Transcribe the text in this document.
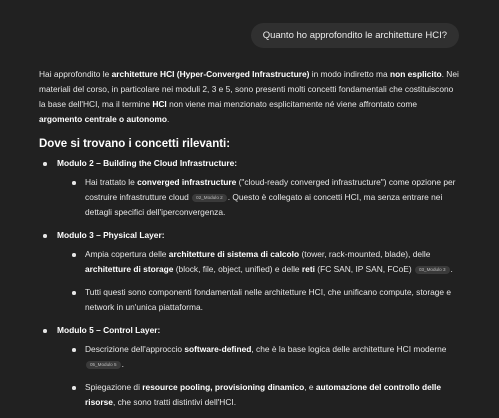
Quanto ho approfondito le architetture HCI?

Hai approfondito le architetture HCI (Hyper-Converged Infrastructure) in modo indiretto ma non esplicito. Nei materiali del corso, in particolare nei moduli 2, 3 e 5, sono presenti molti concetti fondamentali che costituiscono la base dell'HCI, ma il termine HCI non viene mai menzionato esplicitamente né viene affrontato come argomento centrale o autonomo.

Dove si trovano i concetti rilevanti:
Modulo 2 – Building the Cloud Infrastructure:
Hai trattato le converged infrastructure ("cloud-ready converged infrastructure") come opzione per costruire infrastrutture cloud 02_Modulo 2 . Questo è collegato ai concetti HCI, ma senza entrare nei dettagli specifici dell'iperconvergenza.
Modulo 3 – Physical Layer:
Ampia copertura delle architetture di sistema di calcolo (tower, rack-mounted, blade), delle architetture di storage (block, file, object, unified) e delle reti (FC SAN, IP SAN, FCoE) 03_Modulo 3 .
Tutti questi sono componenti fondamentali nelle architetture HCI, che unificano compute, storage e network in un'unica piattaforma.
Modulo 5 – Control Layer:
Descrizione dell'approccio software-defined, che è la base logica delle architetture HCI moderne 05_Modulo 5 .
Spiegazione di resource pooling, provisioning dinamico, e automazione del controllo delle risorse, che sono tratti distintivi dell'HCI.
